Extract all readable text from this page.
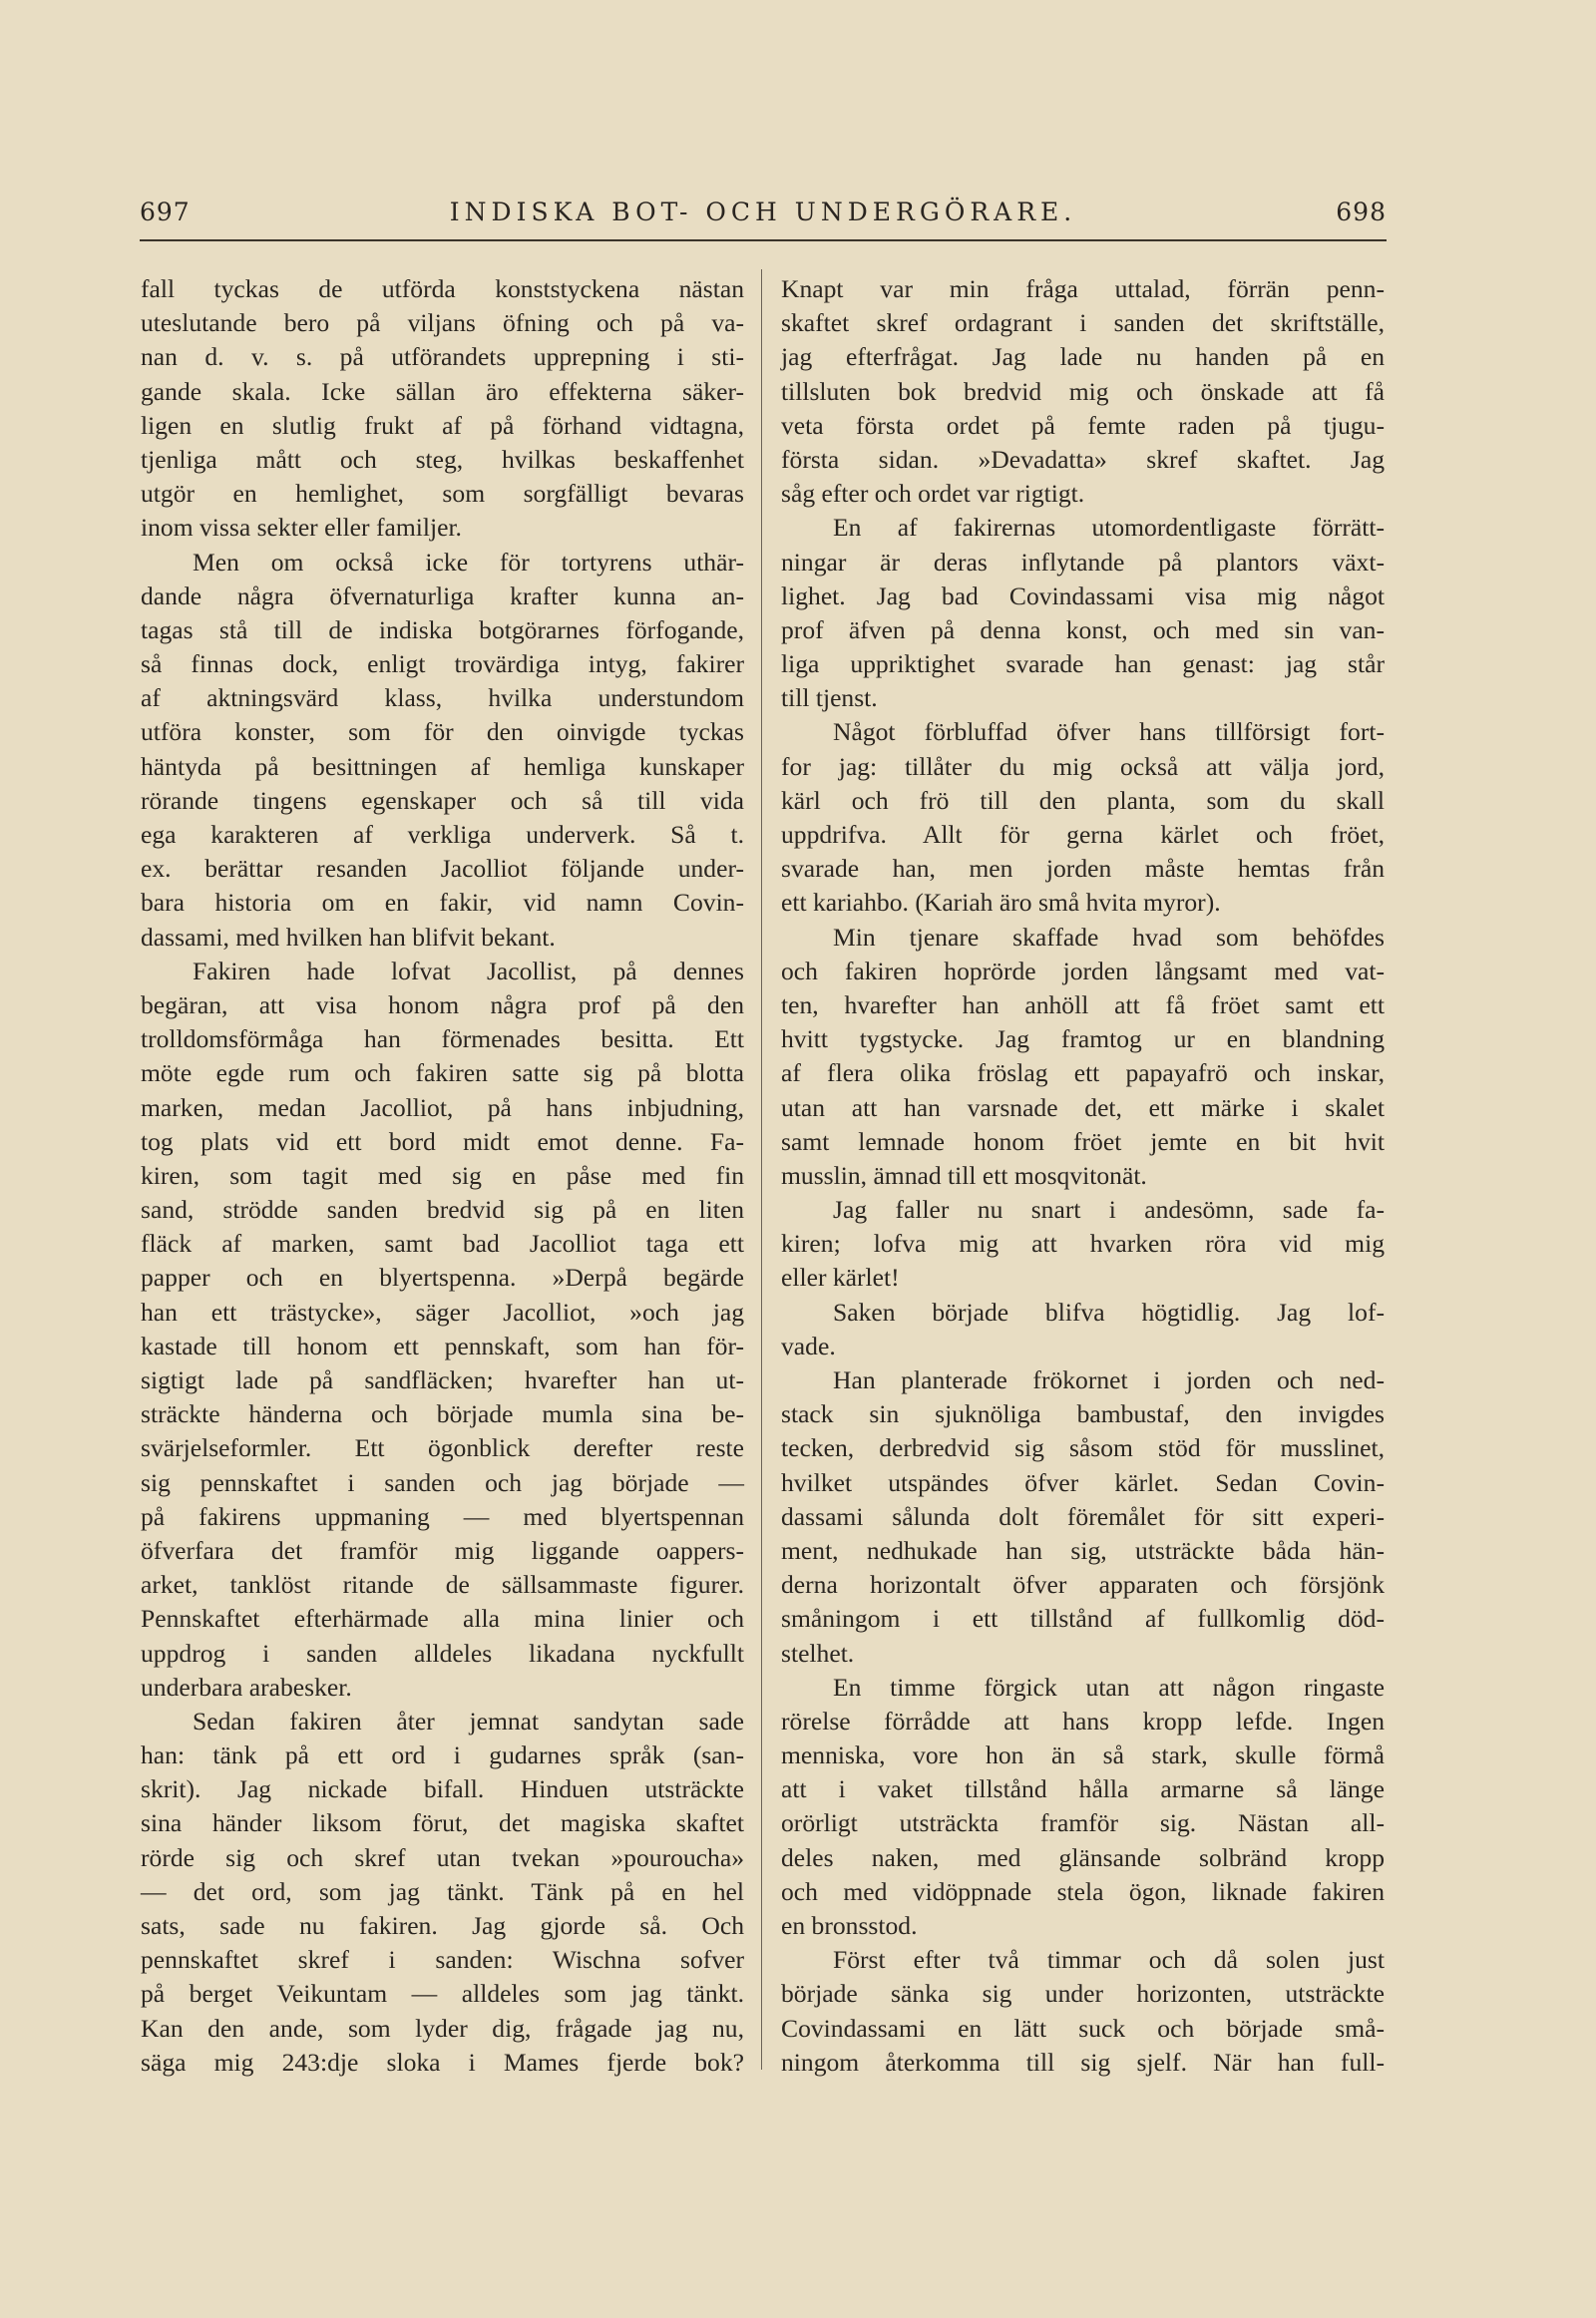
697	INDISKA BOT- OCH UNDERGÖRARE.	698
fall tyckas de utförda konststyckena nästan
uteslutande bero på viljans öfning och på va-
nan d. v. s. på utförandets upprepning i sti-
gande skala. Icke sällan äro effekterna säker-
ligen en slutlig frukt af på förhand vidtagna,
tjenliga mått och steg, hvilkas beskaffenhet
utgör en hemlighet, som sorgfälligt bevaras
inom vissa sekter eller familjer.
Men om också icke för tortyrens uthär-
dande några öfvernaturliga krafter kunna an-
tagas stå till de indiska botgörarnes förfogande,
så finnas dock, enligt trovärdiga intyg, fakirer
af aktningsvärd klass, hvilka understundom
utföra konster, som för den oinvigde tyckas
häntyda på besittningen af hemliga kunskaper
rörande tingens egenskaper och så till vida
ega karakteren af verkliga underverk. Så t.
ex. berättar resanden Jacolliot följande under-
bara historia om en fakir, vid namn Covin-
dassami, med hvilken han blifvit bekant.
Fakiren hade lofvat Jacollist, på dennes
begäran, att visa honom några prof på den
trolldomsförmåga han förmenades besitta. Ett
möte egde rum och fakiren satte sig på blotta
marken, medan Jacolliot, på hans inbjudning,
tog plats vid ett bord midt emot denne. Fa-
kiren, som tagit med sig en påse med fin
sand, strödde sanden bredvid sig på en liten
fläck af marken, samt bad Jacolliot taga ett
papper och en blyertspenna. »Derpå begärde
han ett trästycke», säger Jacolliot, »och jag
kastade till honom ett pennskaft, som han för-
sigtigt lade på sandfläcken; hvarefter han ut-
sträckte händerna och började mumla sina be-
svärjelseformler. Ett ögonblick derefter reste
sig pennskaftet i sanden och jag började —
på fakirens uppmaning — med blyertspennan
öfverfara det framför mig liggande oappers-
arket, tanklöst ritande de sällsammaste figurer.
Pennskaftet efterhärmade alla mina linier och
uppdrog i sanden alldeles likadana nyckfullt
underbara arabesker.
Sedan fakiren åter jemnat sandytan sade
han: tänk på ett ord i gudarnes språk (san-
skrit). Jag nickade bifall. Hinduen utsträckte
sina händer liksom förut, det magiska skaftet
rörde sig och skref utan tvekan »pouroucha»
— det ord, som jag tänkt. Tänk på en hel
sats, sade nu fakiren. Jag gjorde så. Och
pennskaftet skref i sanden: Wischna sofver
på berget Veikuntam — alldeles som jag tänkt.
Kan den ande, som lyder dig, frågade jag nu,
säga mig 243:dje sloka i Mames fjerde bok?
Knapt var min fråga uttalad, förrän penn-
skaftet skref ordagrant i sanden det skriftställe,
jag efterfrågat. Jag lade nu handen på en
tillsluten bok bredvid mig och önskade att få
veta första ordet på femte raden på tjugu-
första sidan. »Devadatta» skref skaftet. Jag
såg efter och ordet var rigtigt.
En af fakirernas utomordentligaste förrätt-
ningar är deras inflytande på plantors växt-
lighet. Jag bad Covindassami visa mig något
prof äfven på denna konst, och med sin van-
liga uppriktighet svarade han genast: jag står
till tjenst.
Något förbluffad öfver hans tillförsigt fort-
for jag: tillåter du mig också att välja jord,
kärl och frö till den planta, som du skall
uppdrifva. Allt för gerna kärlet och fröet,
svarade han, men jorden måste hemtas från
ett kariahbo. (Kariah äro små hvita myror).
Min tjenare skaffade hvad som behöfdes
och fakiren hoprörde jorden långsamt med vat-
ten, hvarefter han anhöll att få fröet samt ett
hvitt tygstycke. Jag framtog ur en blandning
af flera olika fröslag ett papayafrö och inskar,
utan att han varsnade det, ett märke i skalet
samt lemnade honom fröet jemte en bit hvit
musslin, ämnad till ett mosqvitonät.
Jag faller nu snart i andesömn, sade fa-
kiren; lofva mig att hvarken röra vid mig
eller kärlet!
Saken började blifva högtidlig. Jag lof-
vade.
Han planterade frökornet i jorden och ned-
stack sin sjuknöliga bambustaf, den invigdes
tecken, derbredvid sig såsom stöd för musslinet,
hvilket utspändes öfver kärlet. Sedan Covin-
dassami sålunda dolt föremålet för sitt experi-
ment, nedhukade han sig, utsträckte båda hän-
derna horizontalt öfver apparaten och försjönk
småningom i ett tillstånd af fullkomlig död-
stelhet.
En timme förgick utan att någon ringaste
rörelse förrådde att hans kropp lefde. Ingen
menniska, vore hon än så stark, skulle förmå
att i vaket tillstånd hålla armarne så länge
orörligt utsträckta framför sig. Nästan all-
deles naken, med glänsande solbränd kropp
och med vidöppnade stela ögon, liknade fakiren
en bronsstod.
Först efter två timmar och då solen just
började sänka sig under horizonten, utsträckte
Covindassami en lätt suck och började små-
ningom återkomma till sig sjelf. När han full-
